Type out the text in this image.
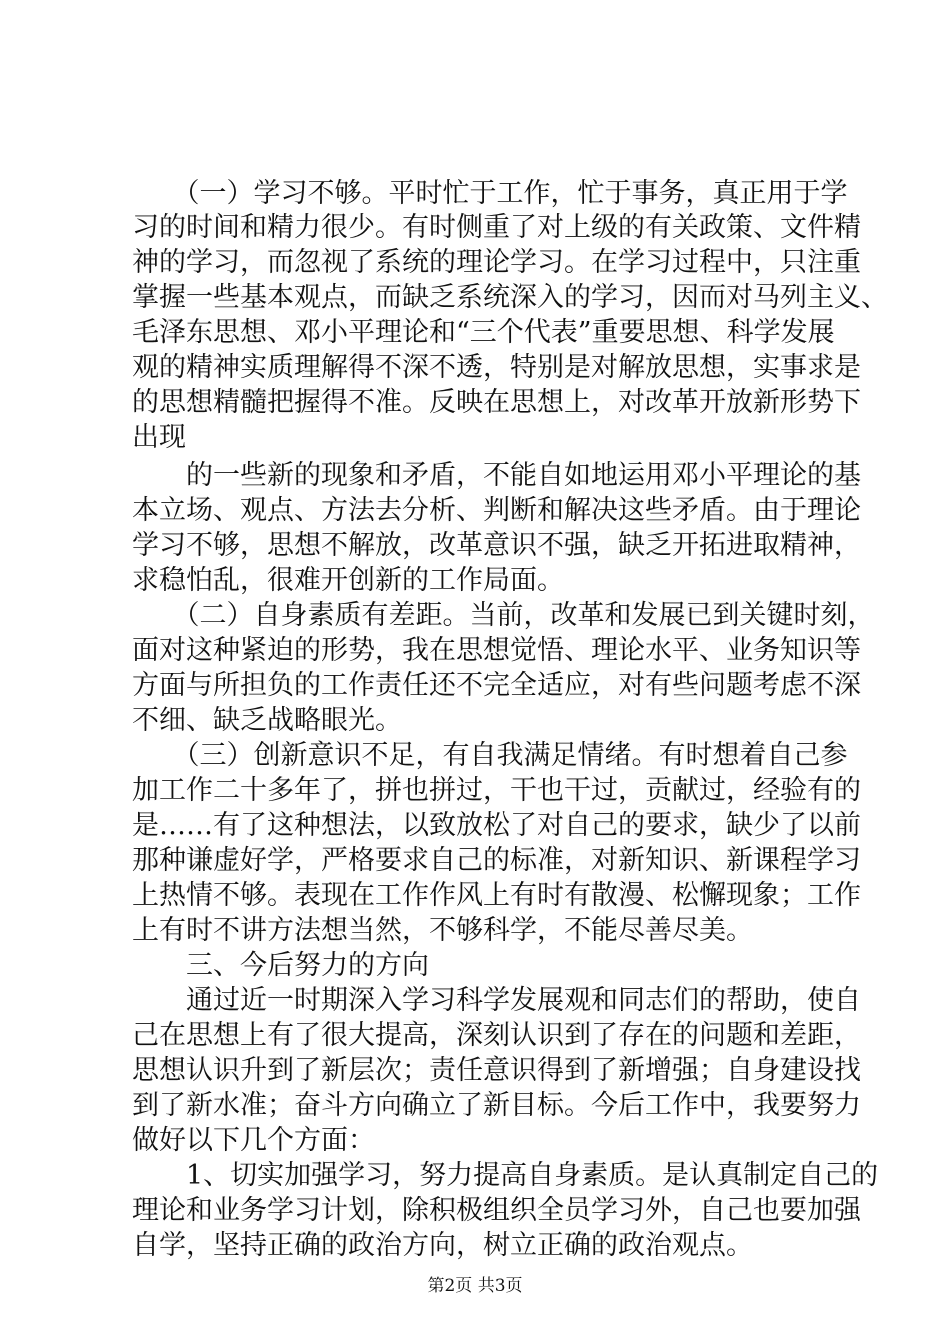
　　（一）学习不够。平时忙于工作，忙于事务，真正用于学
习的时间和精力很少。有时侧重了对上级的有关政策、文件精
神的学习，而忽视了系统的理论学习。在学习过程中，只注重
掌握一些基本观点，而缺乏系统深入的学习，因而对马列主义、
毛泽东思想、邓小平理论和“三个代表”重要思想、科学发展
观的精神实质理解得不深不透，特别是对解放思想，实事求是
的思想精髓把握得不准。反映在思想上，对改革开放新形势下
出现
　　的一些新的现象和矛盾，不能自如地运用邓小平理论的基
本立场、观点、方法去分析、判断和解决这些矛盾。由于理论
学习不够，思想不解放，改革意识不强，缺乏开拓进取精神，
求稳怕乱，很难开创新的工作局面。
　　（二）自身素质有差距。当前，改革和发展已到关键时刻，
面对这种紧迫的形势，我在思想觉悟、理论水平、业务知识等
方面与所担负的工作责任还不完全适应，对有些问题考虑不深
不细、缺乏战略眼光。
　　（三）创新意识不足，有自我满足情绪。有时想着自己参
加工作二十多年了，拼也拼过，干也干过，贡献过，经验有的
是……有了这种想法，以致放松了对自己的要求，缺少了以前
那种谦虚好学，严格要求自己的标准，对新知识、新课程学习
上热情不够。表现在工作作风上有时有散漫、松懈现象；工作
上有时不讲方法想当然，不够科学，不能尽善尽美。
　　三、今后努力的方向
　　通过近一时期深入学习科学发展观和同志们的帮助，使自
己在思想上有了很大提高，深刻认识到了存在的问题和差距，
思想认识升到了新层次；责任意识得到了新增强；自身建设找
到了新水准；奋斗方向确立了新目标。今后工作中，我要努力
做好以下几个方面：
　　1、切实加强学习，努力提高自身素质。是认真制定自己的
理论和业务学习计划，除积极组织全员学习外，自己也要加强
自学，坚持正确的政治方向，树立正确的政治观点。
第2页 共3页
